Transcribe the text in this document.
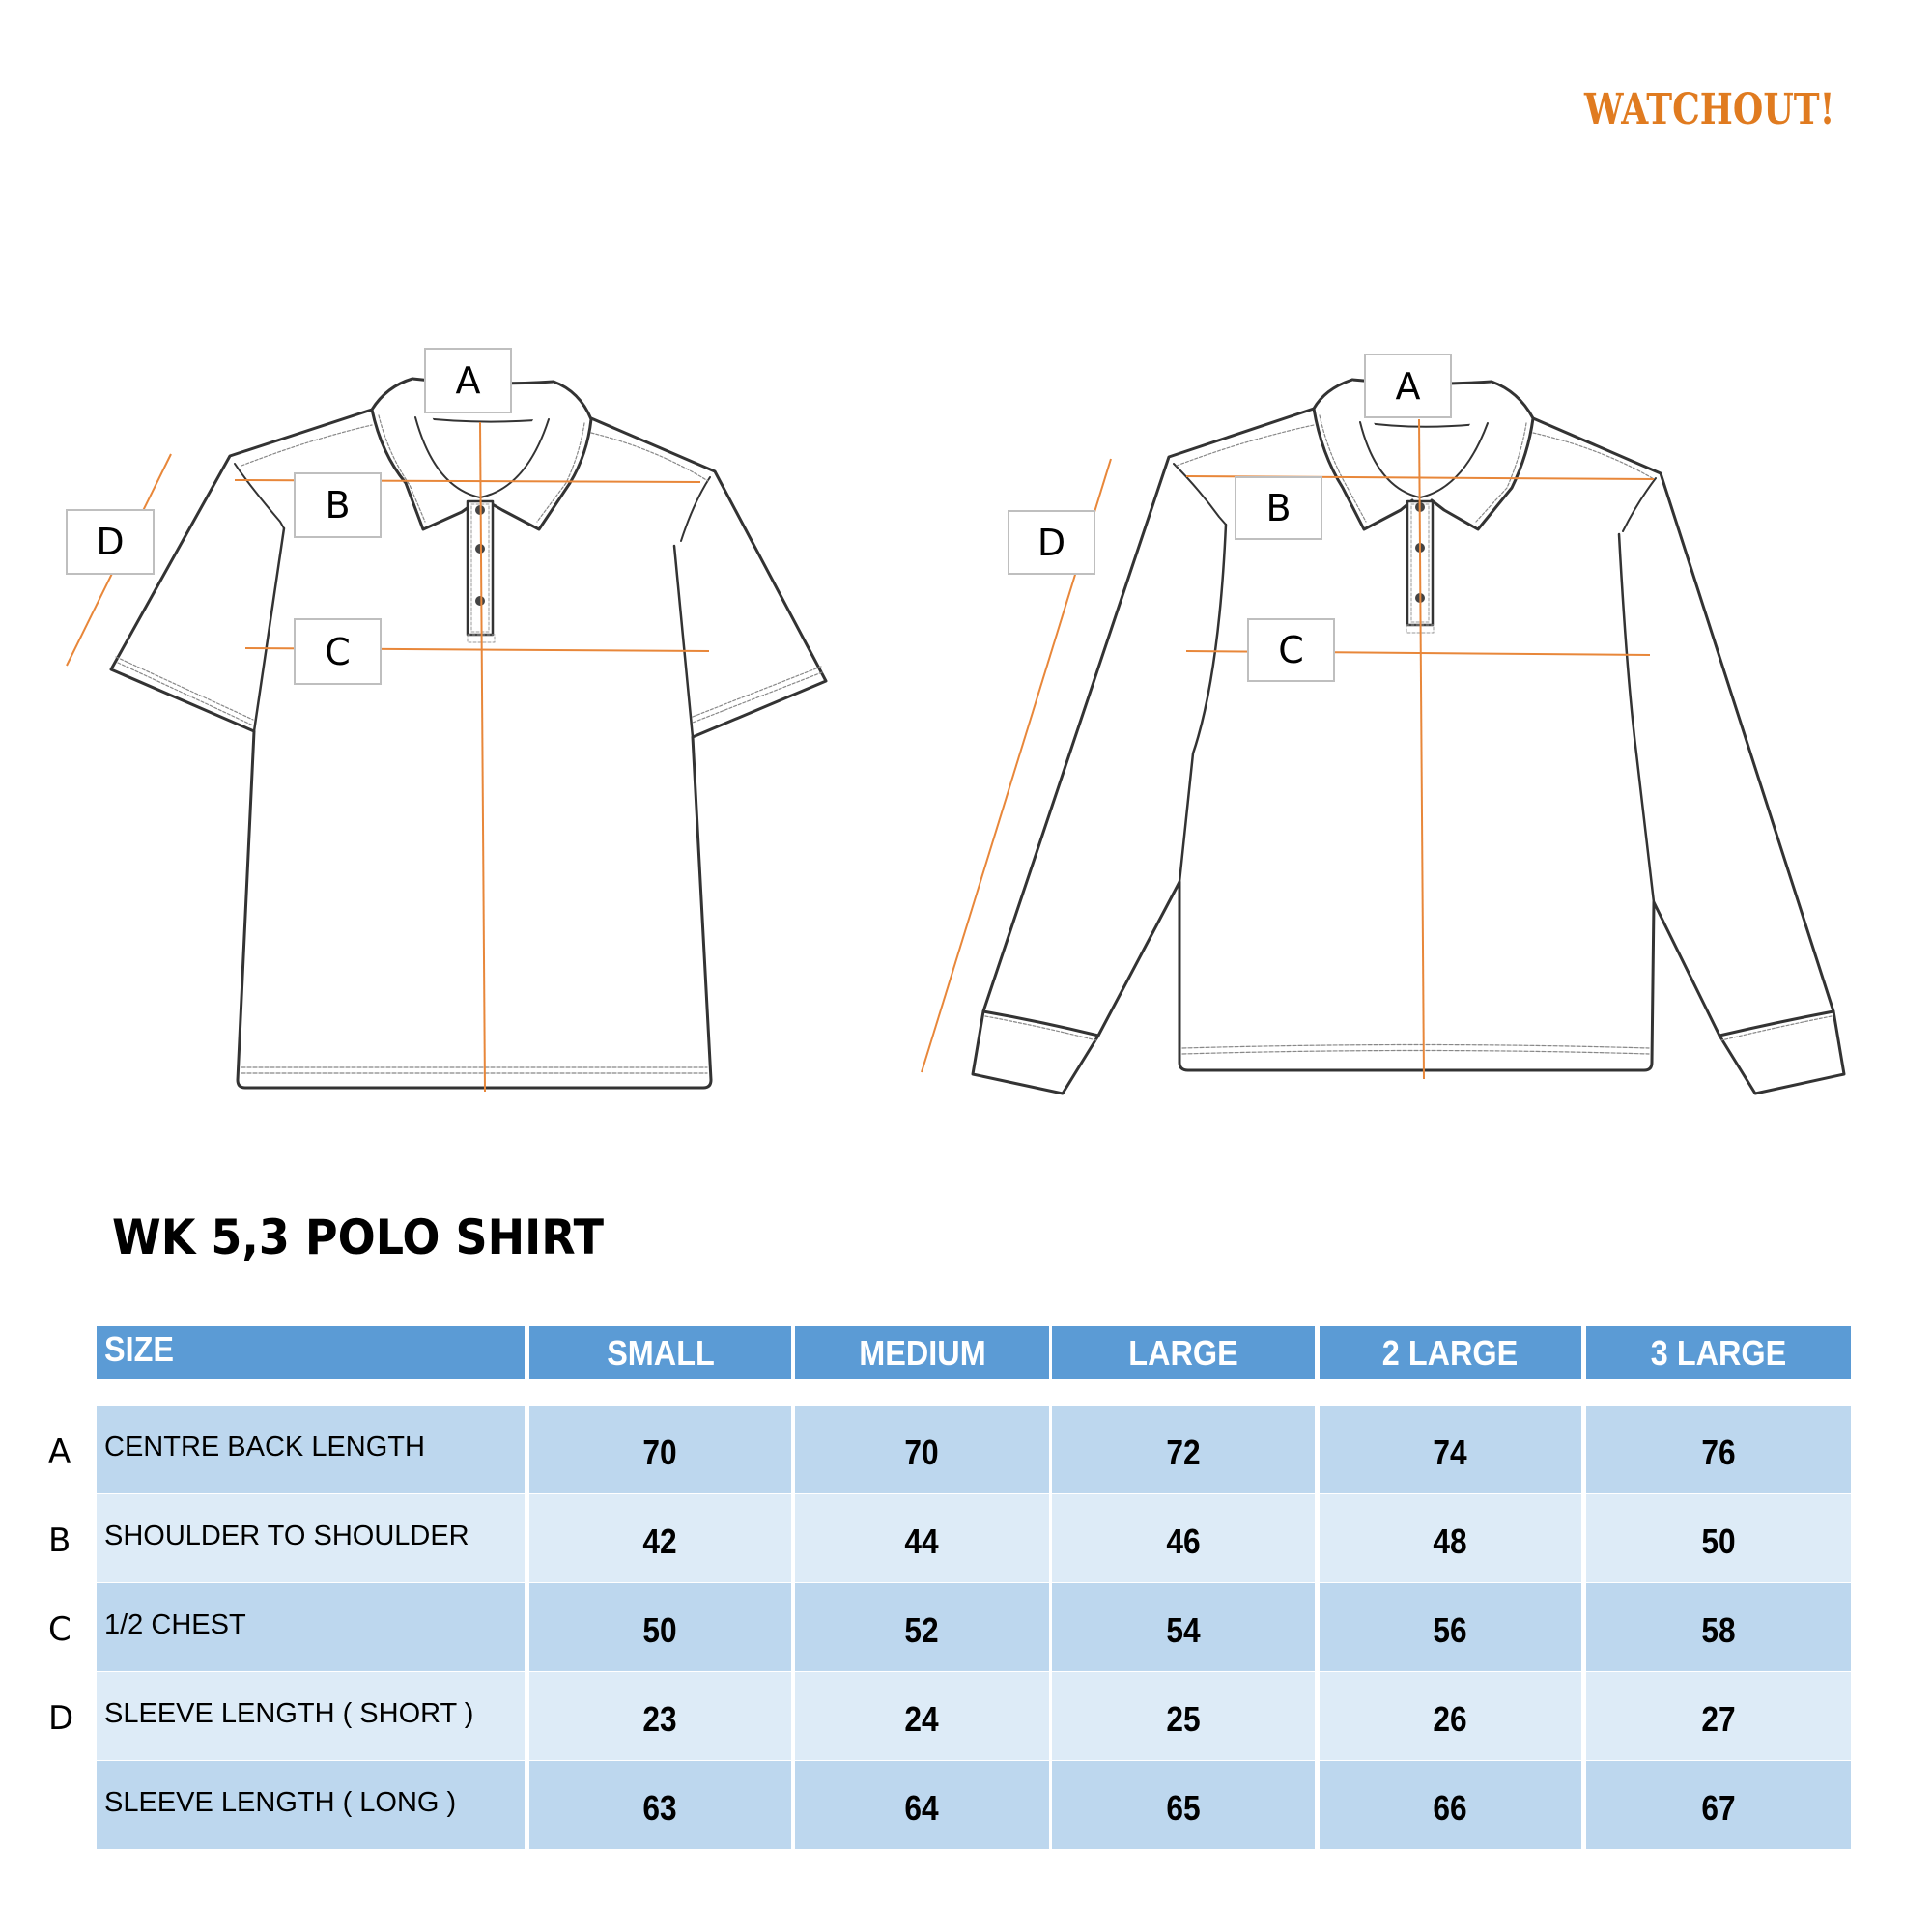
WATCHOUT!
A
B
C
D
A
B
C
D
WK 5,3 POLO SHIRT
A
B
C
D
SIZE	SMALL	MEDIUM	LARGE	2 LARGE	3 LARGE
CENTRE BACK LENGTH	70	70	72	74	76
SHOULDER TO SHOULDER	42	44	46	48	50
1/2 CHEST	50	52	54	56	58
SLEEVE LENGTH ( SHORT )	23	24	25	26	27
SLEEVE LENGTH ( LONG )	63	64	65	66	67
